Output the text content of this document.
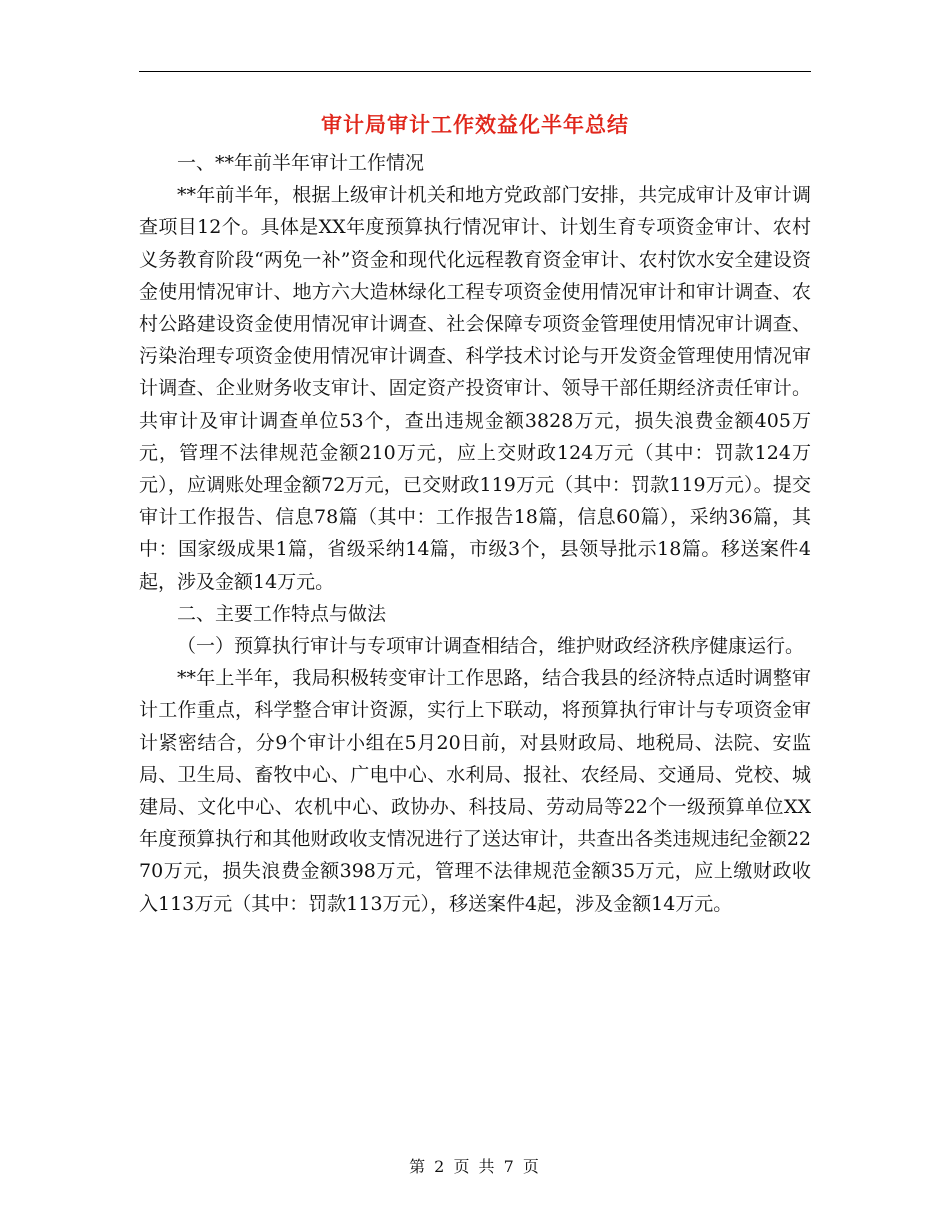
审计局审计工作效益化半年总结

一、**年前半年审计工作情况

**年前半年，根据上级审计机关和地方党政部门安排，共完成审计及审计调查项目12个。具体是XX年度预算执行情况审计、计划生育专项资金审计、农村义务教育阶段“两免一补”资金和现代化远程教育资金审计、农村饮水安全建设资金使用情况审计、地方六大造林绿化工程专项资金使用情况审计和审计调查、农村公路建设资金使用情况审计调查、社会保障专项资金管理使用情况审计调查、污染治理专项资金使用情况审计调查、科学技术讨论与开发资金管理使用情况审计调查、企业财务收支审计、固定资产投资审计、领导干部任期经济责任审计。共审计及审计调查单位53个，查出违规金额3828万元，损失浪费金额405万元，管理不法律规范金额210万元，应上交财政124万元（其中：罚款124万元），应调账处理金额72万元，已交财政119万元（其中：罚款119万元）。提交审计工作报告、信息78篇（其中：工作报告18篇，信息60篇），采纳36篇，其中：国家级成果1篇，省级采纳14篇，市级3个，县领导批示18篇。移送案件4起，涉及金额14万元。

二、主要工作特点与做法

（一）预算执行审计与专项审计调查相结合，维护财政经济秩序健康运行。

**年上半年，我局积极转变审计工作思路，结合我县的经济特点适时调整审计工作重点，科学整合审计资源，实行上下联动，将预算执行审计与专项资金审计紧密结合，分9个审计小组在5月20日前，对县财政局、地税局、法院、安监局、卫生局、畜牧中心、广电中心、水利局、报社、农经局、交通局、党校、城建局、文化中心、农机中心、政协办、科技局、劳动局等22个一级预算单位XX年度预算执行和其他财政收支情况进行了送达审计，共查出各类违规违纪金额2270万元，损失浪费金额398万元，管理不法律规范金额35万元，应上缴财政收入113万元（其中：罚款113万元），移送案件4起，涉及金额14万元。

第 2 页 共 7 页
